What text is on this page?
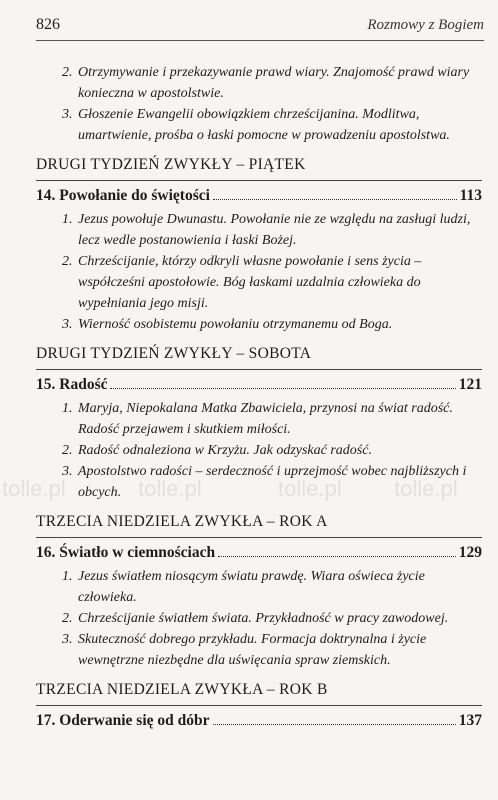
826	Rozmowy z Bogiem
2. Otrzymywanie i przekazywanie prawd wiary. Znajomość prawd wiary konieczna w apostolstwie.
3. Głoszenie Ewangelii obowiązkiem chrześcijanina. Modlitwa, umartwienie, prośba o łaski pomocne w prowadzeniu apostolstwa.
DRUGI TYDZIEŃ ZWYKŁY – PIĄTEK
14. Powołanie do świętości	113
1. Jezus powołuje Dwunastu. Powołanie nie ze względu na zasługi ludzi, lecz wedle postanowienia i łaski Bożej.
2. Chrześcijanie, którzy odkryli własne powołanie i sens życia – współcześni apostołowie. Bóg łaskami uzdalnia człowieka do wypełniania jego misji.
3. Wierność osobistemu powołaniu otrzymanemu od Boga.
DRUGI TYDZIEŃ ZWYKŁY – SOBOTA
15. Radość	121
1. Maryja, Niepokalana Matka Zbawiciela, przynosi na świat radość. Radość przejawem i skutkiem miłości.
2. Radość odnaleziona w Krzyżu. Jak odzyskać radość.
3. Apostolstwo radości – serdeczność i uprzejmość wobec najbliższych i obcych.
TRZECIA NIEDZIELA ZWYKŁA – ROK A
16. Światło w ciemnościach	129
1. Jezus światłem niosącym światu prawdę. Wiara oświeca życie człowieka.
2. Chrześcijanie światłem świata. Przykładność w pracy zawodowej.
3. Skuteczność dobrego przykładu. Formacja doktrynalna i życie wewnętrzne niezbędne dla uświęcania spraw ziemskich.
TRZECIA NIEDZIELA ZWYKŁA – ROK B
17. Oderwanie się od dóbr	137
tolle.pl	tolle.pl	tolle.pl tolle.pl
